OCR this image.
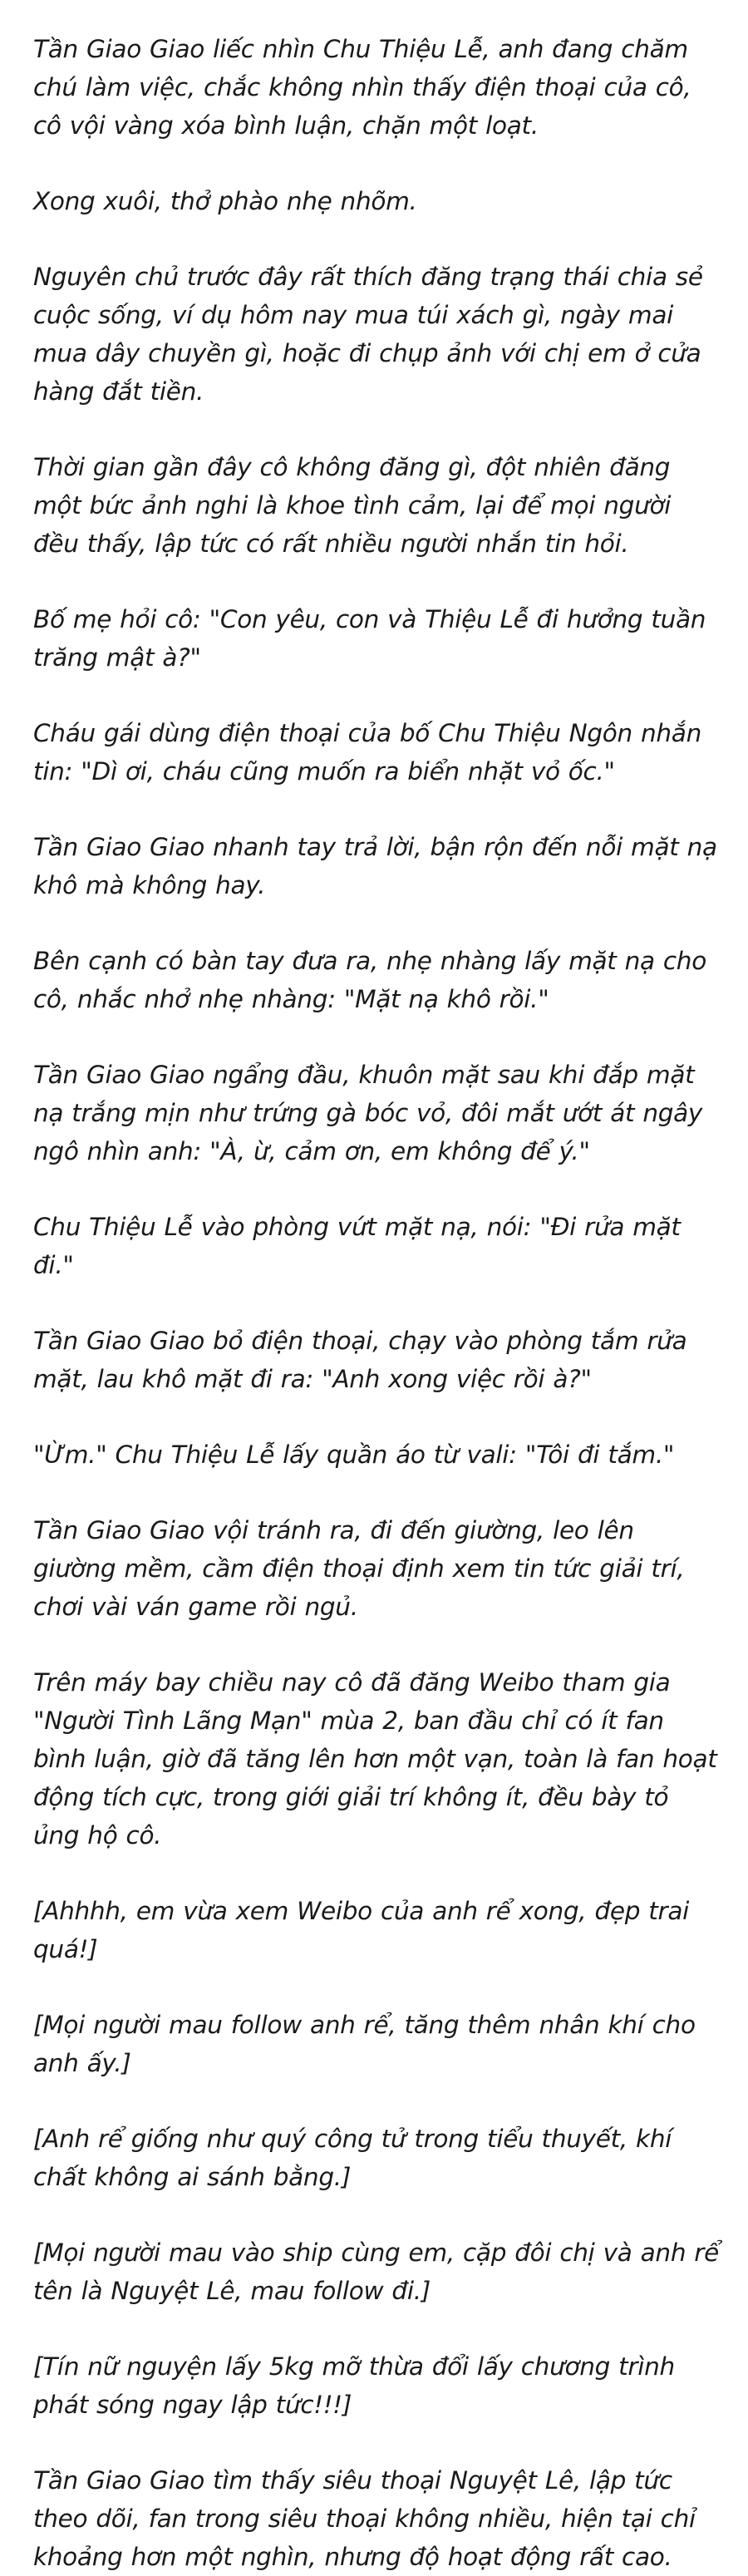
Tần Giao Giao liếc nhìn Chu Thiệu Lễ, anh đang chăm chú làm việc, chắc không nhìn thấy điện thoại của cô, cô vội vàng xóa bình luận, chặn một loạt.

Xong xuôi, thở phào nhẹ nhõm.

Nguyên chủ trước đây rất thích đăng trạng thái chia sẻ cuộc sống, ví dụ hôm nay mua túi xách gì, ngày mai mua dây chuyền gì, hoặc đi chụp ảnh với chị em ở cửa hàng đắt tiền.

Thời gian gần đây cô không đăng gì, đột nhiên đăng một bức ảnh nghi là khoe tình cảm, lại để mọi người đều thấy, lập tức có rất nhiều người nhắn tin hỏi.

Bố mẹ hỏi cô: "Con yêu, con và Thiệu Lễ đi hưởng tuần trăng mật à?"

Cháu gái dùng điện thoại của bố Chu Thiệu Ngôn nhắn tin: "Dì ơi, cháu cũng muốn ra biển nhặt vỏ ốc."

Tần Giao Giao nhanh tay trả lời, bận rộn đến nỗi mặt nạ khô mà không hay.

Bên cạnh có bàn tay đưa ra, nhẹ nhàng lấy mặt nạ cho cô, nhắc nhở nhẹ nhàng: "Mặt nạ khô rồi."

Tần Giao Giao ngẩng đầu, khuôn mặt sau khi đắp mặt nạ trắng mịn như trứng gà bóc vỏ, đôi mắt ướt át ngây ngô nhìn anh: "À, ừ, cảm ơn, em không để ý."

Chu Thiệu Lễ vào phòng vứt mặt nạ, nói: "Đi rửa mặt đi."

Tần Giao Giao bỏ điện thoại, chạy vào phòng tắm rửa mặt, lau khô mặt đi ra: "Anh xong việc rồi à?"

"Ừm." Chu Thiệu Lễ lấy quần áo từ vali: "Tôi đi tắm."

Tần Giao Giao vội tránh ra, đi đến giường, leo lên giường mềm, cầm điện thoại định xem tin tức giải trí, chơi vài ván game rồi ngủ.

Trên máy bay chiều nay cô đã đăng Weibo tham gia "Người Tình Lãng Mạn" mùa 2, ban đầu chỉ có ít fan bình luận, giờ đã tăng lên hơn một vạn, toàn là fan hoạt động tích cực, trong giới giải trí không ít, đều bày tỏ ủng hộ cô.

[Ahhhh, em vừa xem Weibo của anh rể xong, đẹp trai quá!]

[Mọi người mau follow anh rể, tăng thêm nhân khí cho anh ấy.]

[Anh rể giống như quý công tử trong tiểu thuyết, khí chất không ai sánh bằng.]

[Mọi người mau vào ship cùng em, cặp đôi chị và anh rể tên là Nguyệt Lê, mau follow đi.]

[Tín nữ nguyện lấy 5kg mỡ thừa đổi lấy chương trình phát sóng ngay lập tức!!!]

Tần Giao Giao tìm thấy siêu thoại Nguyệt Lê, lập tức theo dõi, fan trong siêu thoại không nhiều, hiện tại chỉ khoảng hơn một nghìn, nhưng độ hoạt động rất cao.
